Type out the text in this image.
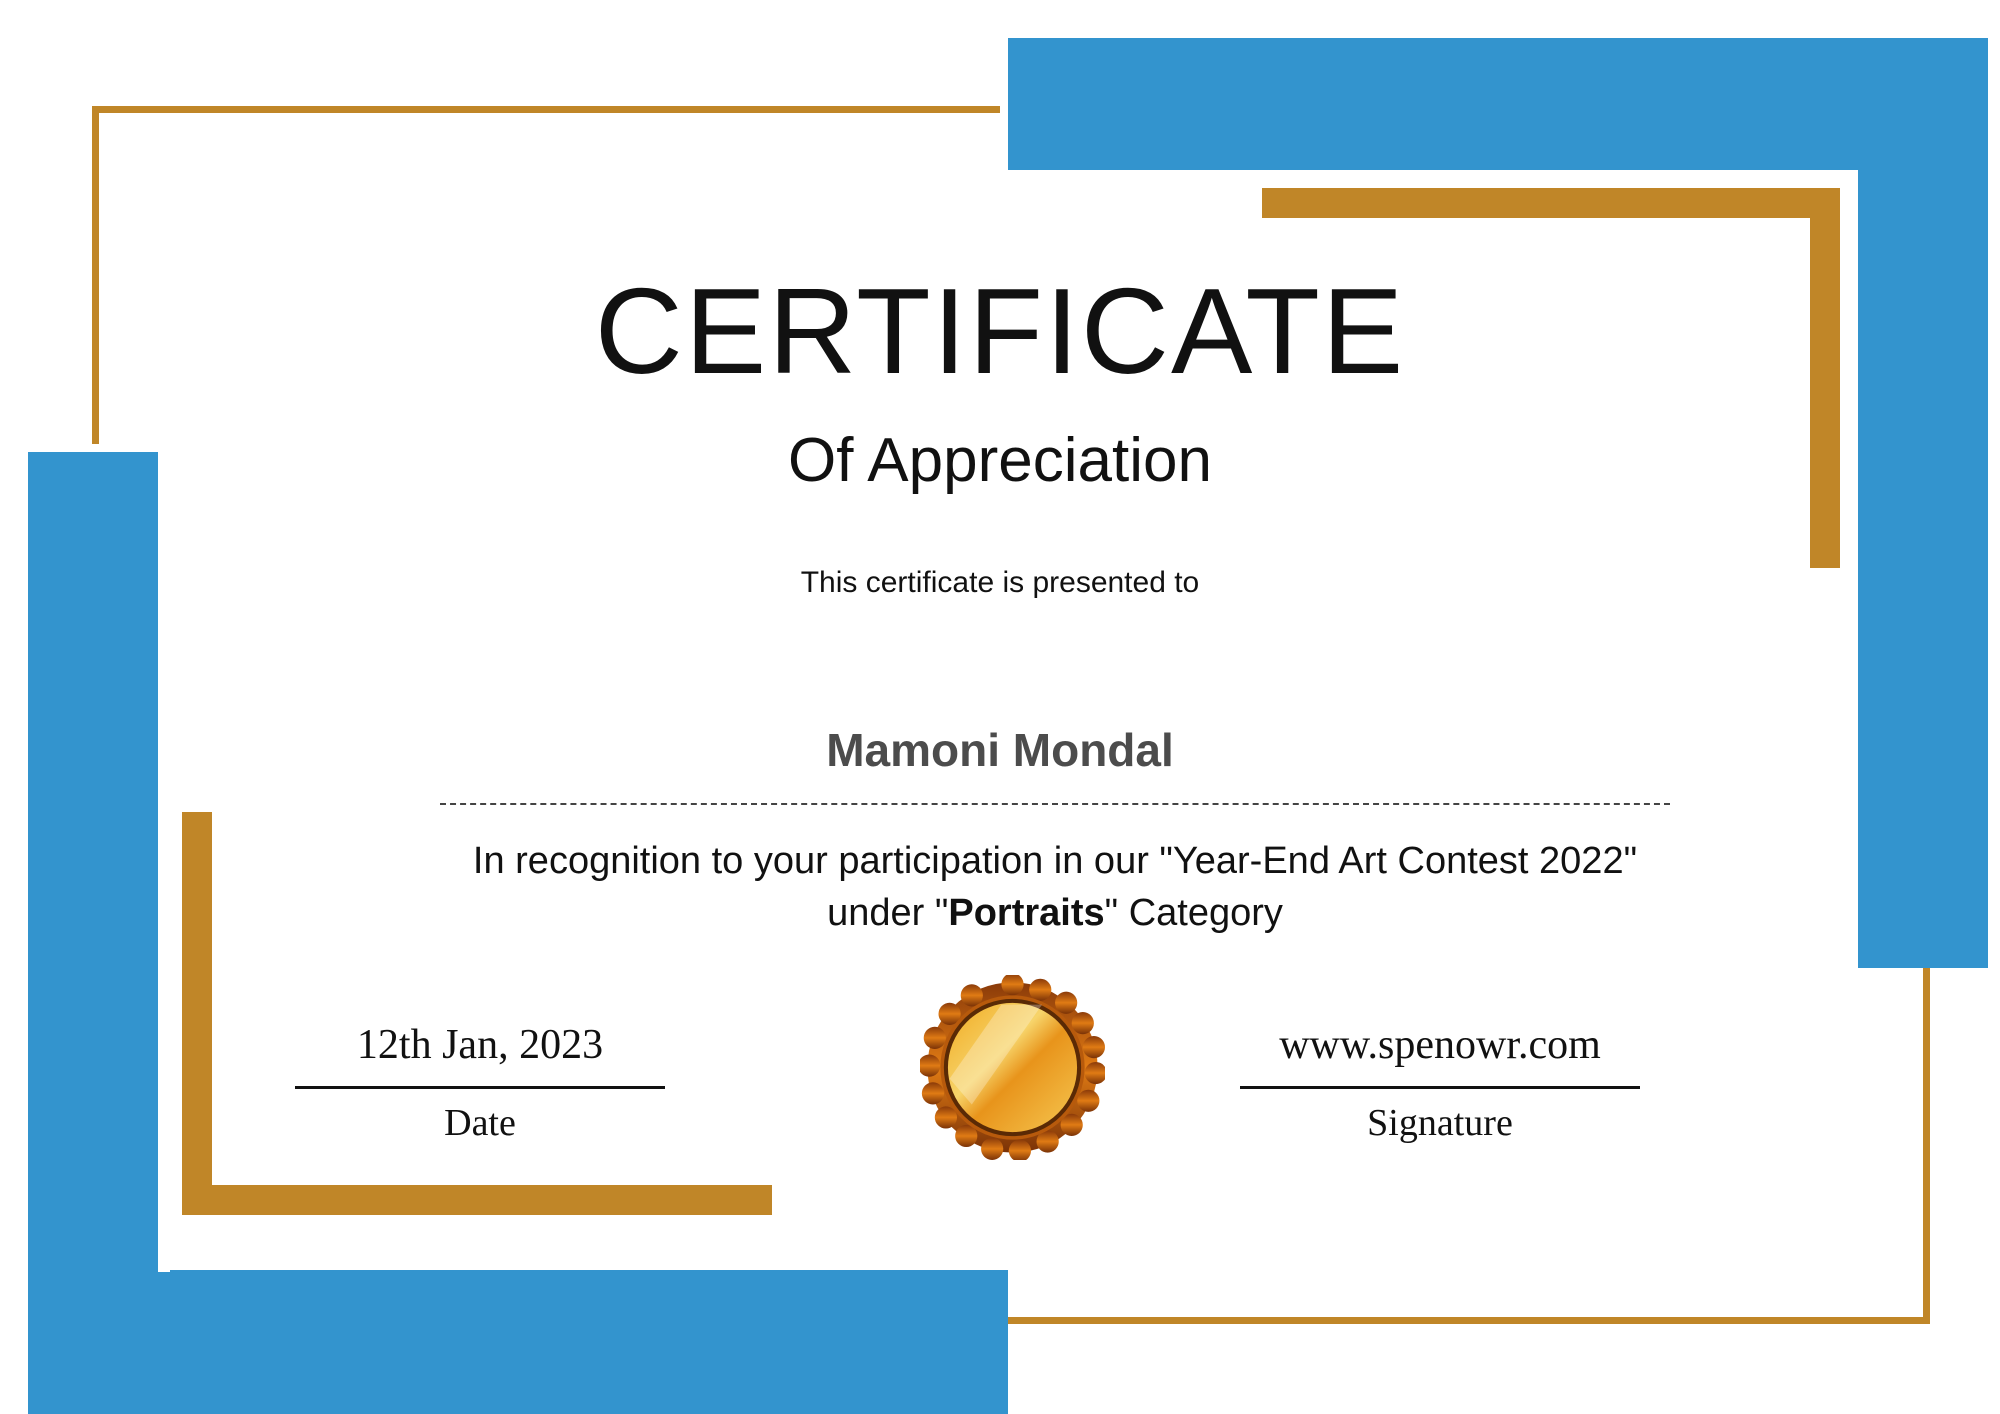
CERTIFICATE
Of Appreciation
This certificate is presented to
Mamoni Mondal
In recognition to your participation in our "Year-End Art Contest 2022" under "Portraits" Category
12th Jan, 2023
Date
www.spenowr.com
Signature
